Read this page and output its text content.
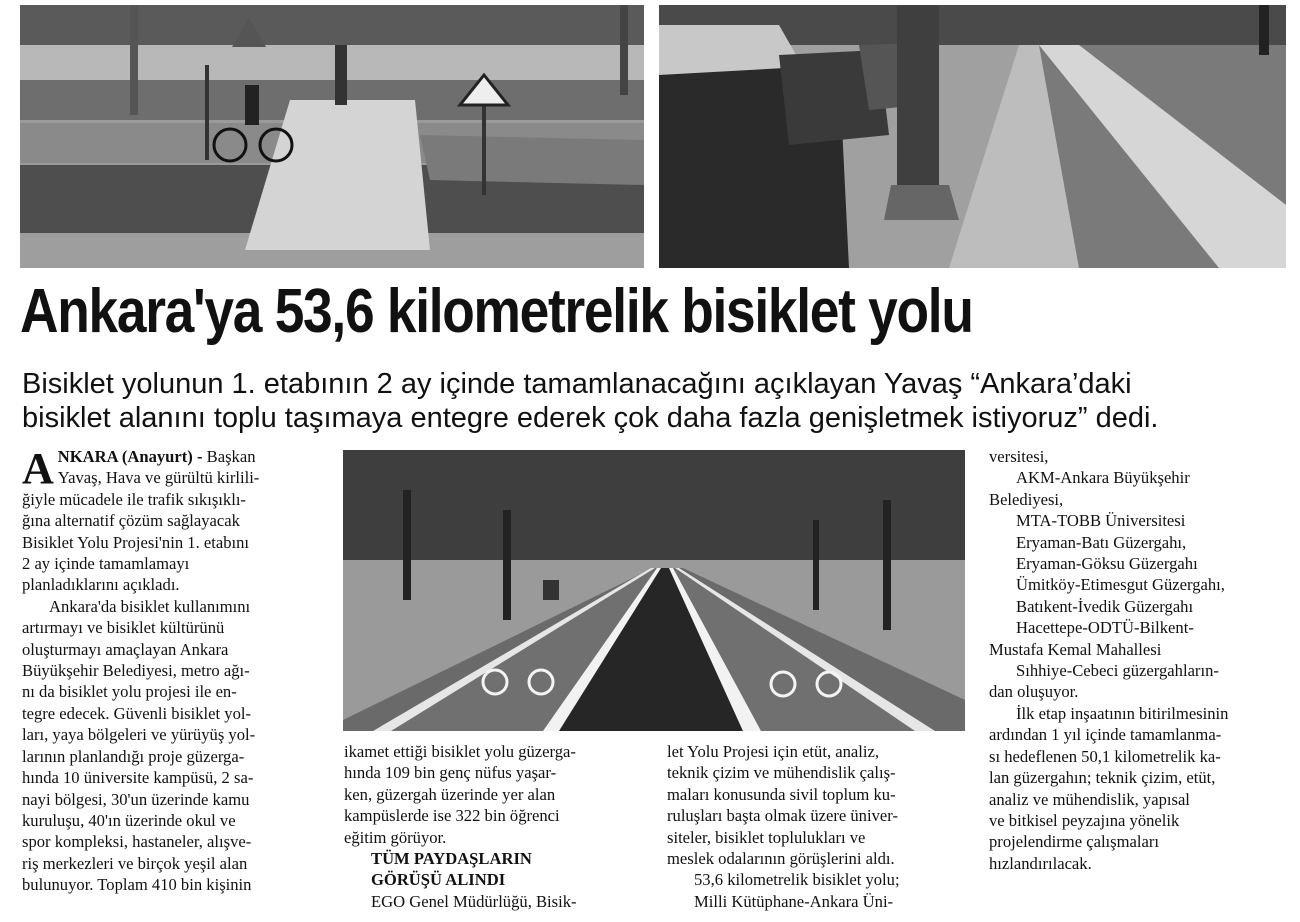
Ankara'ya 53,6 kilometrelik bisiklet yolu
Bisiklet yolunun 1. etabının 2 ay içinde tamamlanacağını açıklayan Yavaş “Ankara’daki
bisiklet alanını toplu taşımaya entegre ederek çok daha fazla genişletmek istiyoruz” dedi.

ANKARA (Anayurt) - Başkan

Yavaş, Hava ve gürültü kirlili-

ğiyle mücadele ile trafik sıkışıklı-

ğına alternatif çözüm sağlayacak

Bisiklet Yolu Projesi'nin 1. etabını

2 ay içinde tamamlamayı

planladıklarını açıkladı.

Ankara'da bisiklet kullanımını

artırmayı ve bisiklet kültürünü

oluşturmayı amaçlayan Ankara

Büyükşehir Belediyesi, metro ağı-

nı da bisiklet yolu projesi ile en-

tegre edecek. Güvenli bisiklet yol-

ları, yaya bölgeleri ve yürüyüş yol-

larının planlandığı proje güzerga-

hında 10 üniversite kampüsü, 2 sa-

nayi bölgesi, 30'un üzerinde kamu

kuruluşu, 40'ın üzerinde okul ve

spor kompleksi, hastaneler, alışve-

riş merkezleri ve birçok yeşil alan

bulunuyor. Toplam 410 bin kişinin

ikamet ettiği bisiklet yolu güzerga-

hında 109 bin genç nüfus yaşar-

ken, güzergah üzerinde yer alan

kampüslerde ise 322 bin öğrenci

eğitim görüyor.

TÜM PAYDAŞLARIN

GÖRÜŞÜ ALINDI

EGO Genel Müdürlüğü, Bisik-

let Yolu Projesi için etüt, analiz,

teknik çizim ve mühendislik çalış-

maları konusunda sivil toplum ku-

ruluşları başta olmak üzere üniver-

siteler, bisiklet toplulukları ve

meslek odalarının görüşlerini aldı.

53,6 kilometrelik bisiklet yolu;

Milli Kütüphane-Ankara Üni-

versitesi,

AKM-Ankara Büyükşehir

Belediyesi,

MTA-TOBB Üniversitesi

Eryaman-Batı Güzergahı,

Eryaman-Göksu Güzergahı

Ümitköy-Etimesgut Güzergahı,

Batıkent-İvedik Güzergahı

Hacettepe-ODTÜ-Bilkent-

Mustafa Kemal Mahallesi

Sıhhiye-Cebeci güzergahların-

dan oluşuyor.

İlk etap inşaatının bitirilmesinin

ardından 1 yıl içinde tamamlanma-

sı hedeflenen 50,1 kilometrelik ka-

lan güzergahın; teknik çizim, etüt,

analiz ve mühendislik, yapısal

ve bitkisel peyzajına yönelik

projelendirme çalışmaları

hızlandırılacak.
